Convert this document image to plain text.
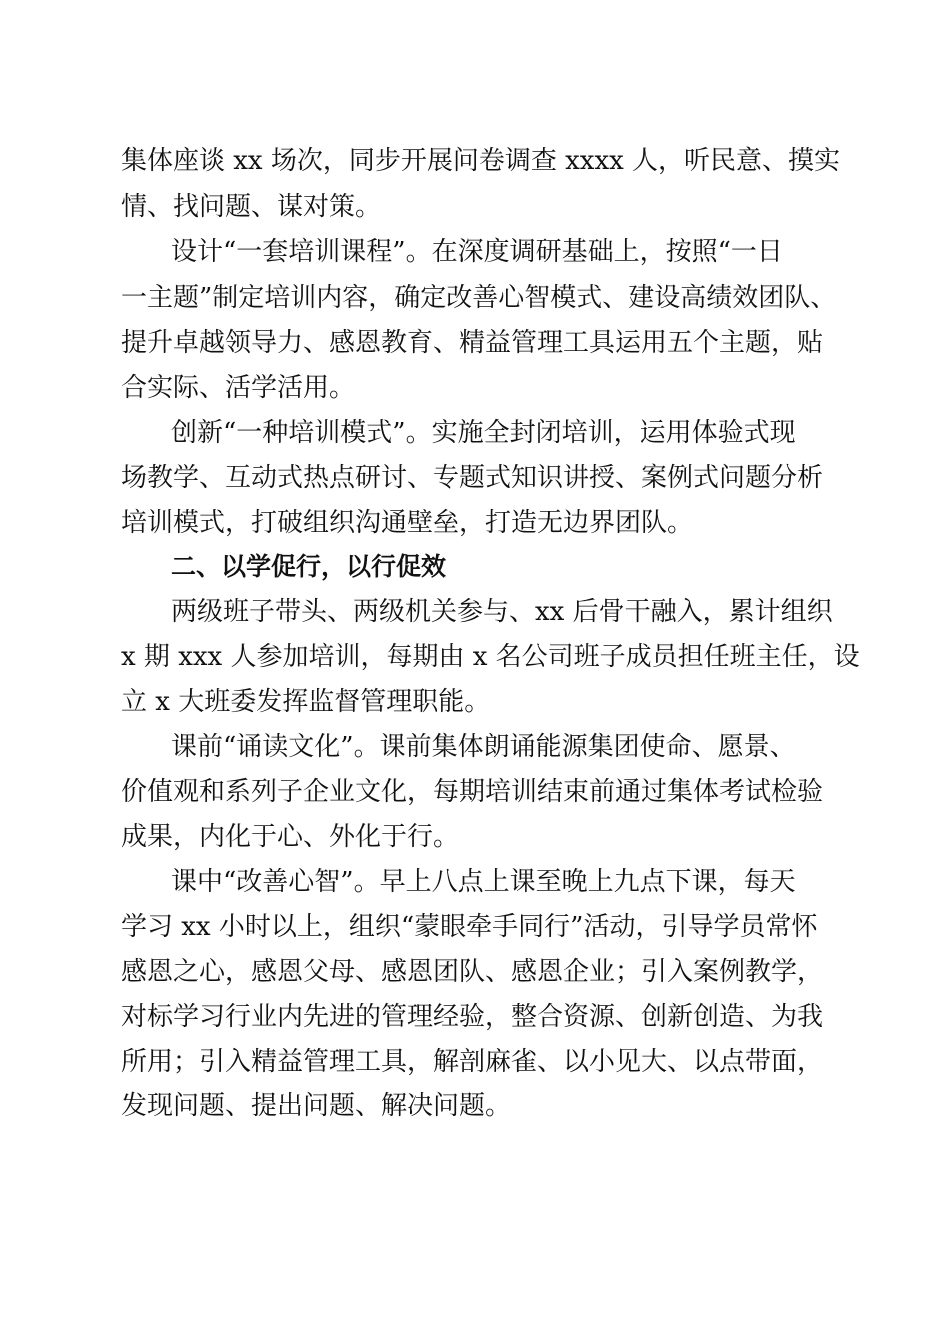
集体座谈 xx 场次，同步开展问卷调查 xxxx 人，听民意、摸实
情、找问题、谋对策。
设计“一套培训课程”。在深度调研基础上，按照“一日
一主题”制定培训内容，确定改善心智模式、建设高绩效团队、
提升卓越领导力、感恩教育、精益管理工具运用五个主题，贴
合实际、活学活用。
创新“一种培训模式”。实施全封闭培训，运用体验式现
场教学、互动式热点研讨、专题式知识讲授、案例式问题分析
培训模式，打破组织沟通壁垒，打造无边界团队。
二、以学促行，以行促效
两级班子带头、两级机关参与、xx 后骨干融入，累计组织
x 期 xxx 人参加培训，每期由 x 名公司班子成员担任班主任，设
立 x 大班委发挥监督管理职能。
课前“诵读文化”。课前集体朗诵能源集团使命、愿景、
价值观和系列子企业文化，每期培训结束前通过集体考试检验
成果，内化于心、外化于行。
课中“改善心智”。早上八点上课至晚上九点下课，每天
学习 xx 小时以上，组织“蒙眼牵手同行”活动，引导学员常怀
感恩之心，感恩父母、感恩团队、感恩企业；引入案例教学，
对标学习行业内先进的管理经验，整合资源、创新创造、为我
所用；引入精益管理工具，解剖麻雀、以小见大、以点带面，
发现问题、提出问题、解决问题。
